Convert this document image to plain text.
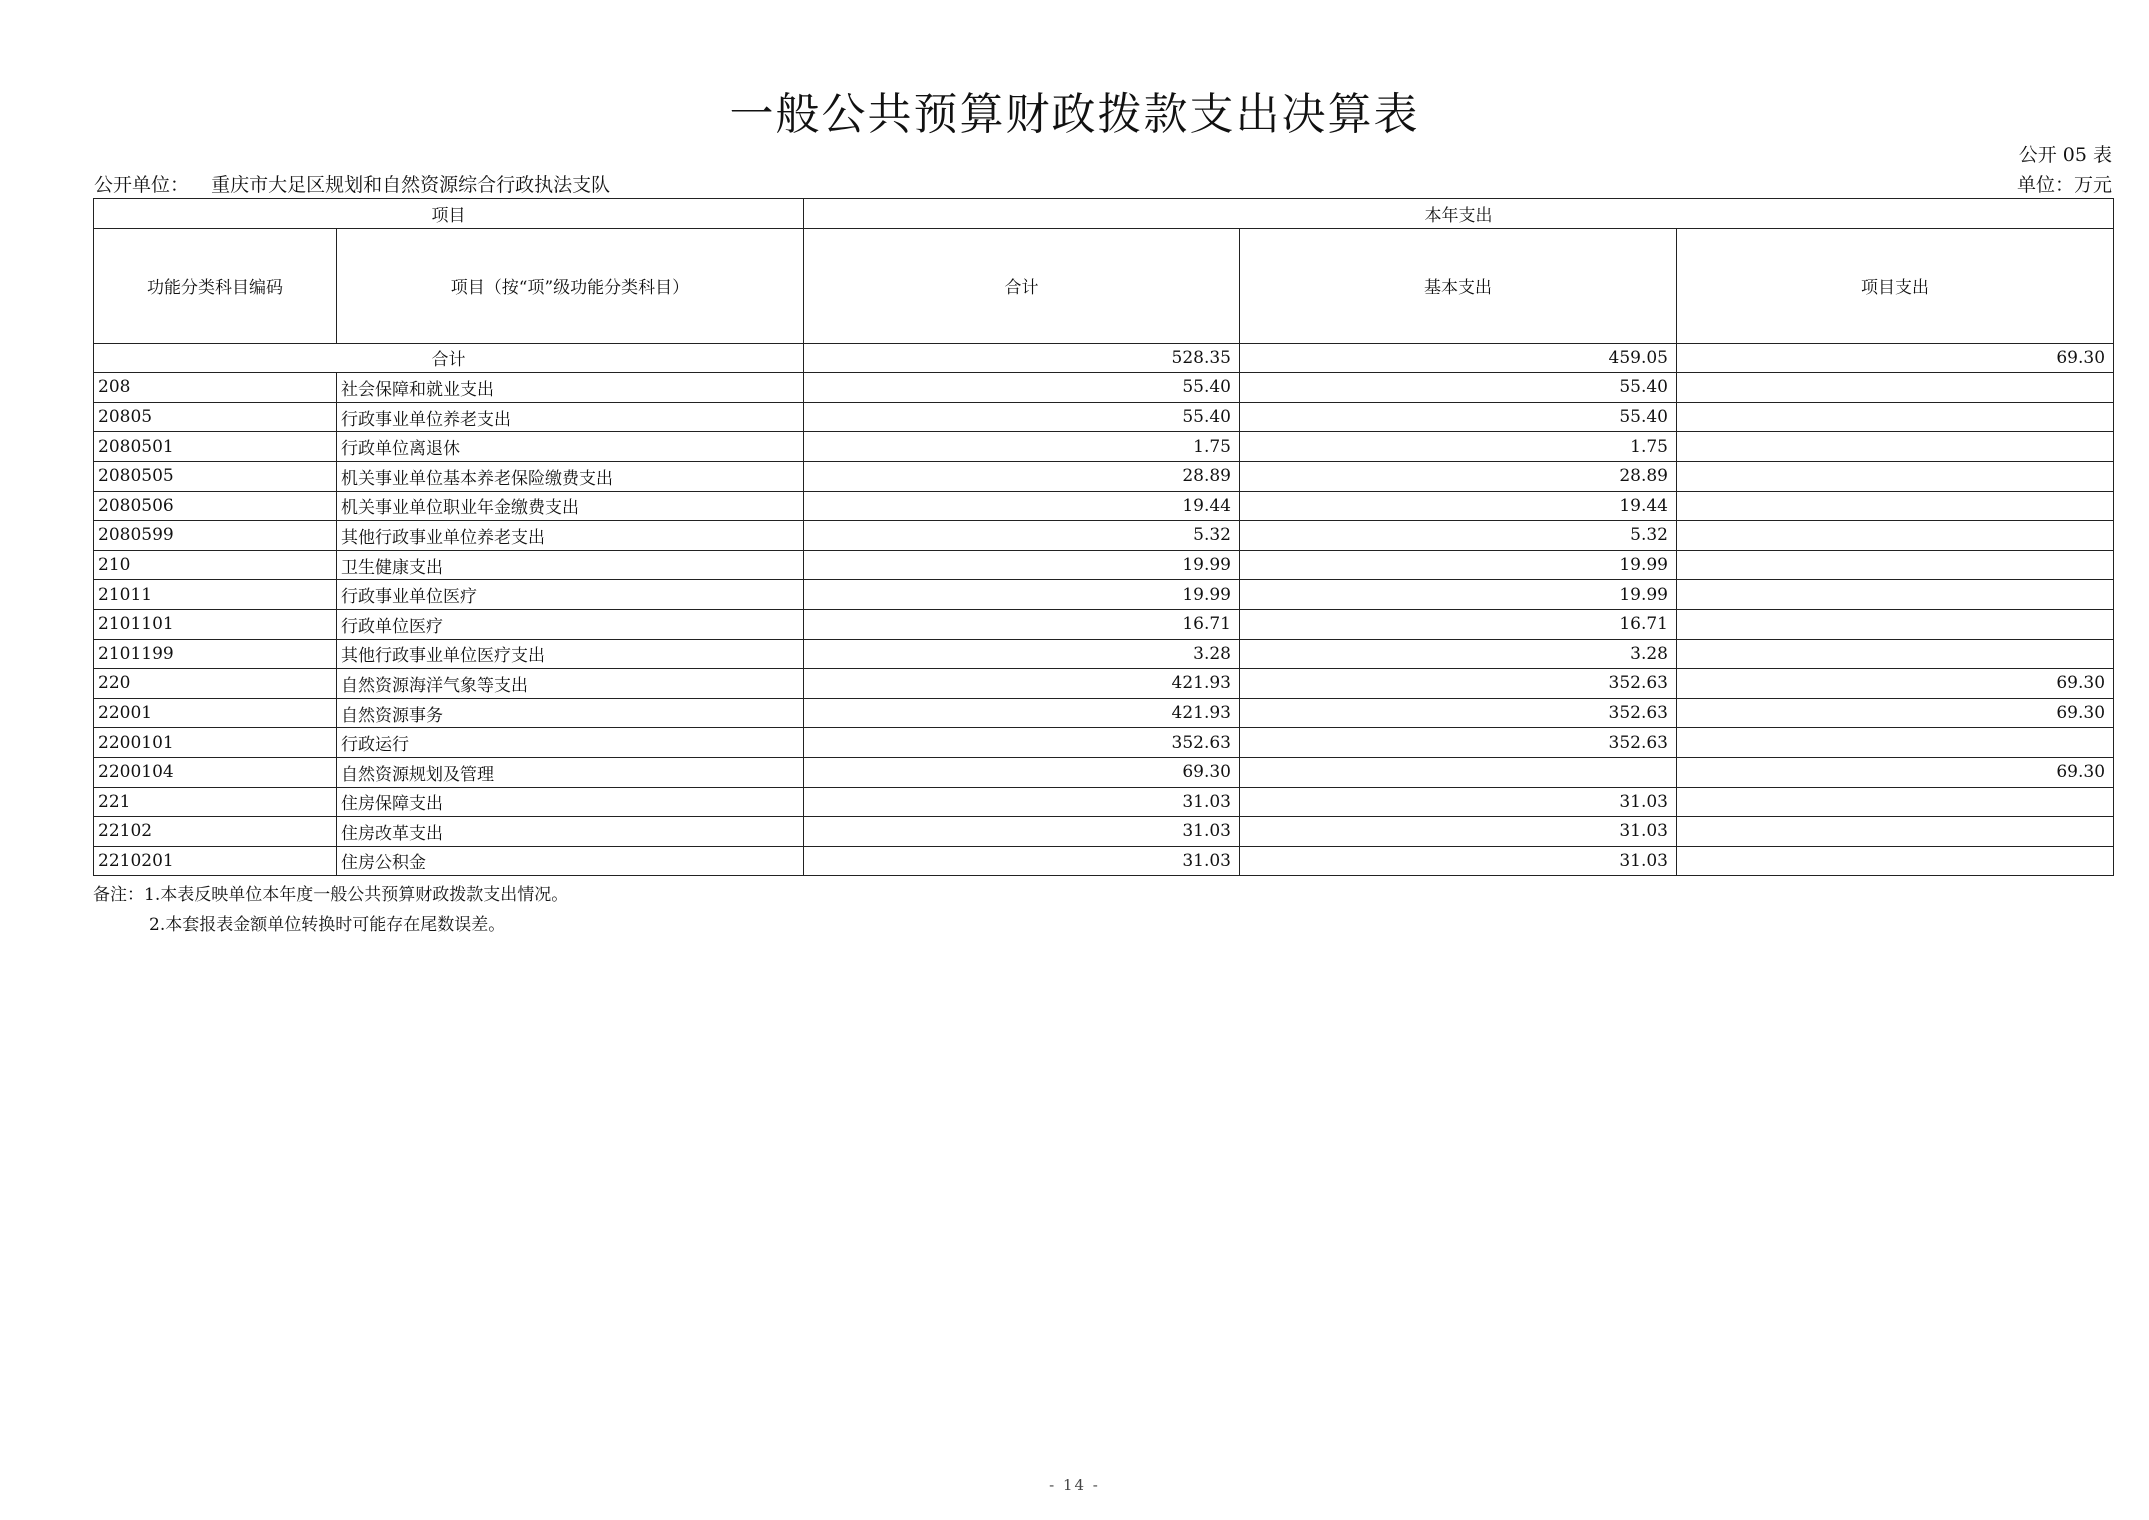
一般公共预算财政拨款支出决算表
公开 05 表
公开单位： 重庆市大足区规划和自然资源综合行政执法支队	单位：万元
项目		本年支出		
功能分类科目编码	项目（按“项”级功能分类科目）	合计	基本支出	项目支出
合计		528.35	459.05	69.30
208	社会保障和就业支出	55.40	55.40	
20805	行政事业单位养老支出	55.40	55.40	
2080501	行政单位离退休	1.75	1.75	
2080505	机关事业单位基本养老保险缴费支出	28.89	28.89	
2080506	机关事业单位职业年金缴费支出	19.44	19.44	
2080599	其他行政事业单位养老支出	5.32	5.32	
210	卫生健康支出	19.99	19.99	
21011	行政事业单位医疗	19.99	19.99	
2101101	行政单位医疗	16.71	16.71	
2101199	其他行政事业单位医疗支出	3.28	3.28	
220	自然资源海洋气象等支出	421.93	352.63	69.30
22001	自然资源事务	421.93	352.63	69.30
2200101	行政运行	352.63	352.63	
2200104	自然资源规划及管理	69.30		69.30
221	住房保障支出	31.03	31.03	
22102	住房改革支出	31.03	31.03	
2210201	住房公积金	31.03	31.03	
备注：1.本表反映单位本年度一般公共预算财政拨款支出情况。
2.本套报表金额单位转换时可能存在尾数误差。
- 14 -
